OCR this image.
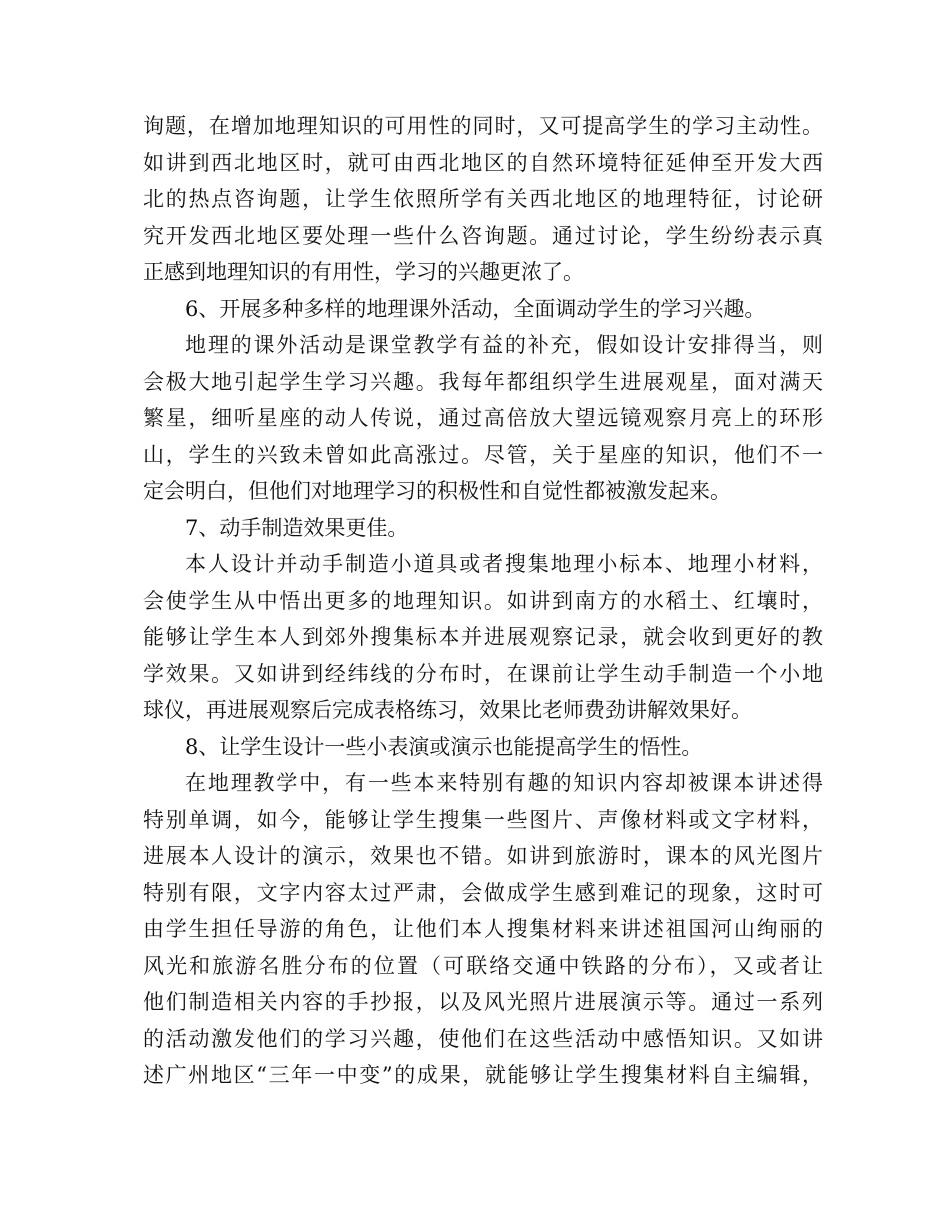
询题，在增加地理知识的可用性的同时，又可提高学生的学习主动性。
如讲到西北地区时，就可由西北地区的自然环境特征延伸至开发大西
北的热点咨询题，让学生依照所学有关西北地区的地理特征，讨论研
究开发西北地区要处理一些什么咨询题。通过讨论，学生纷纷表示真
正感到地理知识的有用性，学习的兴趣更浓了。
6、开展多种多样的地理课外活动，全面调动学生的学习兴趣。
地理的课外活动是课堂教学有益的补充，假如设计安排得当，则
会极大地引起学生学习兴趣。我每年都组织学生进展观星，面对满天
繁星，细听星座的动人传说，通过高倍放大望远镜观察月亮上的环形
山，学生的兴致未曾如此高涨过。尽管，关于星座的知识，他们不一
定会明白，但他们对地理学习的积极性和自觉性都被激发起来。
7、动手制造效果更佳。
本人设计并动手制造小道具或者搜集地理小标本、地理小材料，
会使学生从中悟出更多的地理知识。如讲到南方的水稻土、红壤时，
能够让学生本人到郊外搜集标本并进展观察记录，就会收到更好的教
学效果。又如讲到经纬线的分布时，在课前让学生动手制造一个小地
球仪，再进展观察后完成表格练习，效果比老师费劲讲解效果好。
8、让学生设计一些小表演或演示也能提高学生的悟性。
在地理教学中，有一些本来特别有趣的知识内容却被课本讲述得
特别单调，如今，能够让学生搜集一些图片、声像材料或文字材料，
进展本人设计的演示，效果也不错。如讲到旅游时，课本的风光图片
特别有限，文字内容太过严肃，会做成学生感到难记的现象，这时可
由学生担任导游的角色，让他们本人搜集材料来讲述祖国河山绚丽的
风光和旅游名胜分布的位置（可联络交通中铁路的分布），又或者让
他们制造相关内容的手抄报，以及风光照片进展演示等。通过一系列
的活动激发他们的学习兴趣，使他们在这些活动中感悟知识。又如讲
述广州地区“三年一中变”的成果，就能够让学生搜集材料自主编辑，
